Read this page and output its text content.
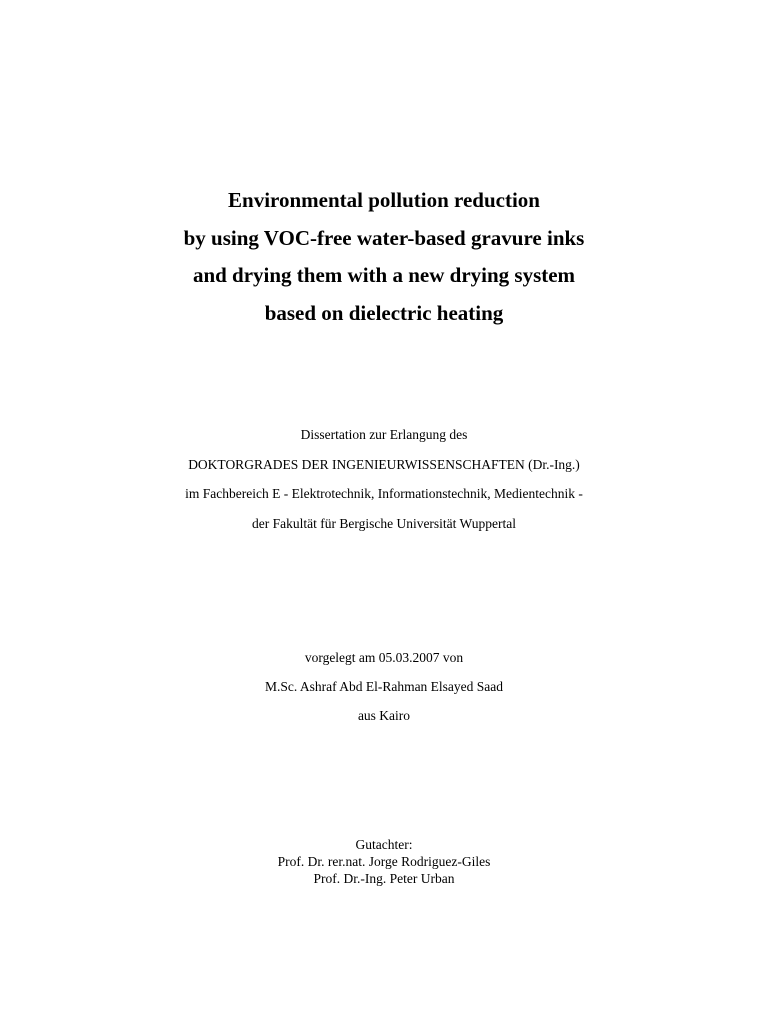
Environmental pollution reduction
by using VOC-free water-based gravure inks
and drying them with a new drying system
based on dielectric heating
Dissertation zur Erlangung des
DOKTORGRADES DER INGENIEURWISSENSCHAFTEN (Dr.-Ing.)
im Fachbereich E - Elektrotechnik, Informationstechnik, Medientechnik -
der Fakultät für Bergische Universität Wuppertal
vorgelegt am 05.03.2007 von
M.Sc. Ashraf Abd El-Rahman Elsayed Saad
aus Kairo
Gutachter:
Prof. Dr. rer.nat. Jorge Rodriguez-Giles
Prof. Dr.-Ing. Peter Urban
